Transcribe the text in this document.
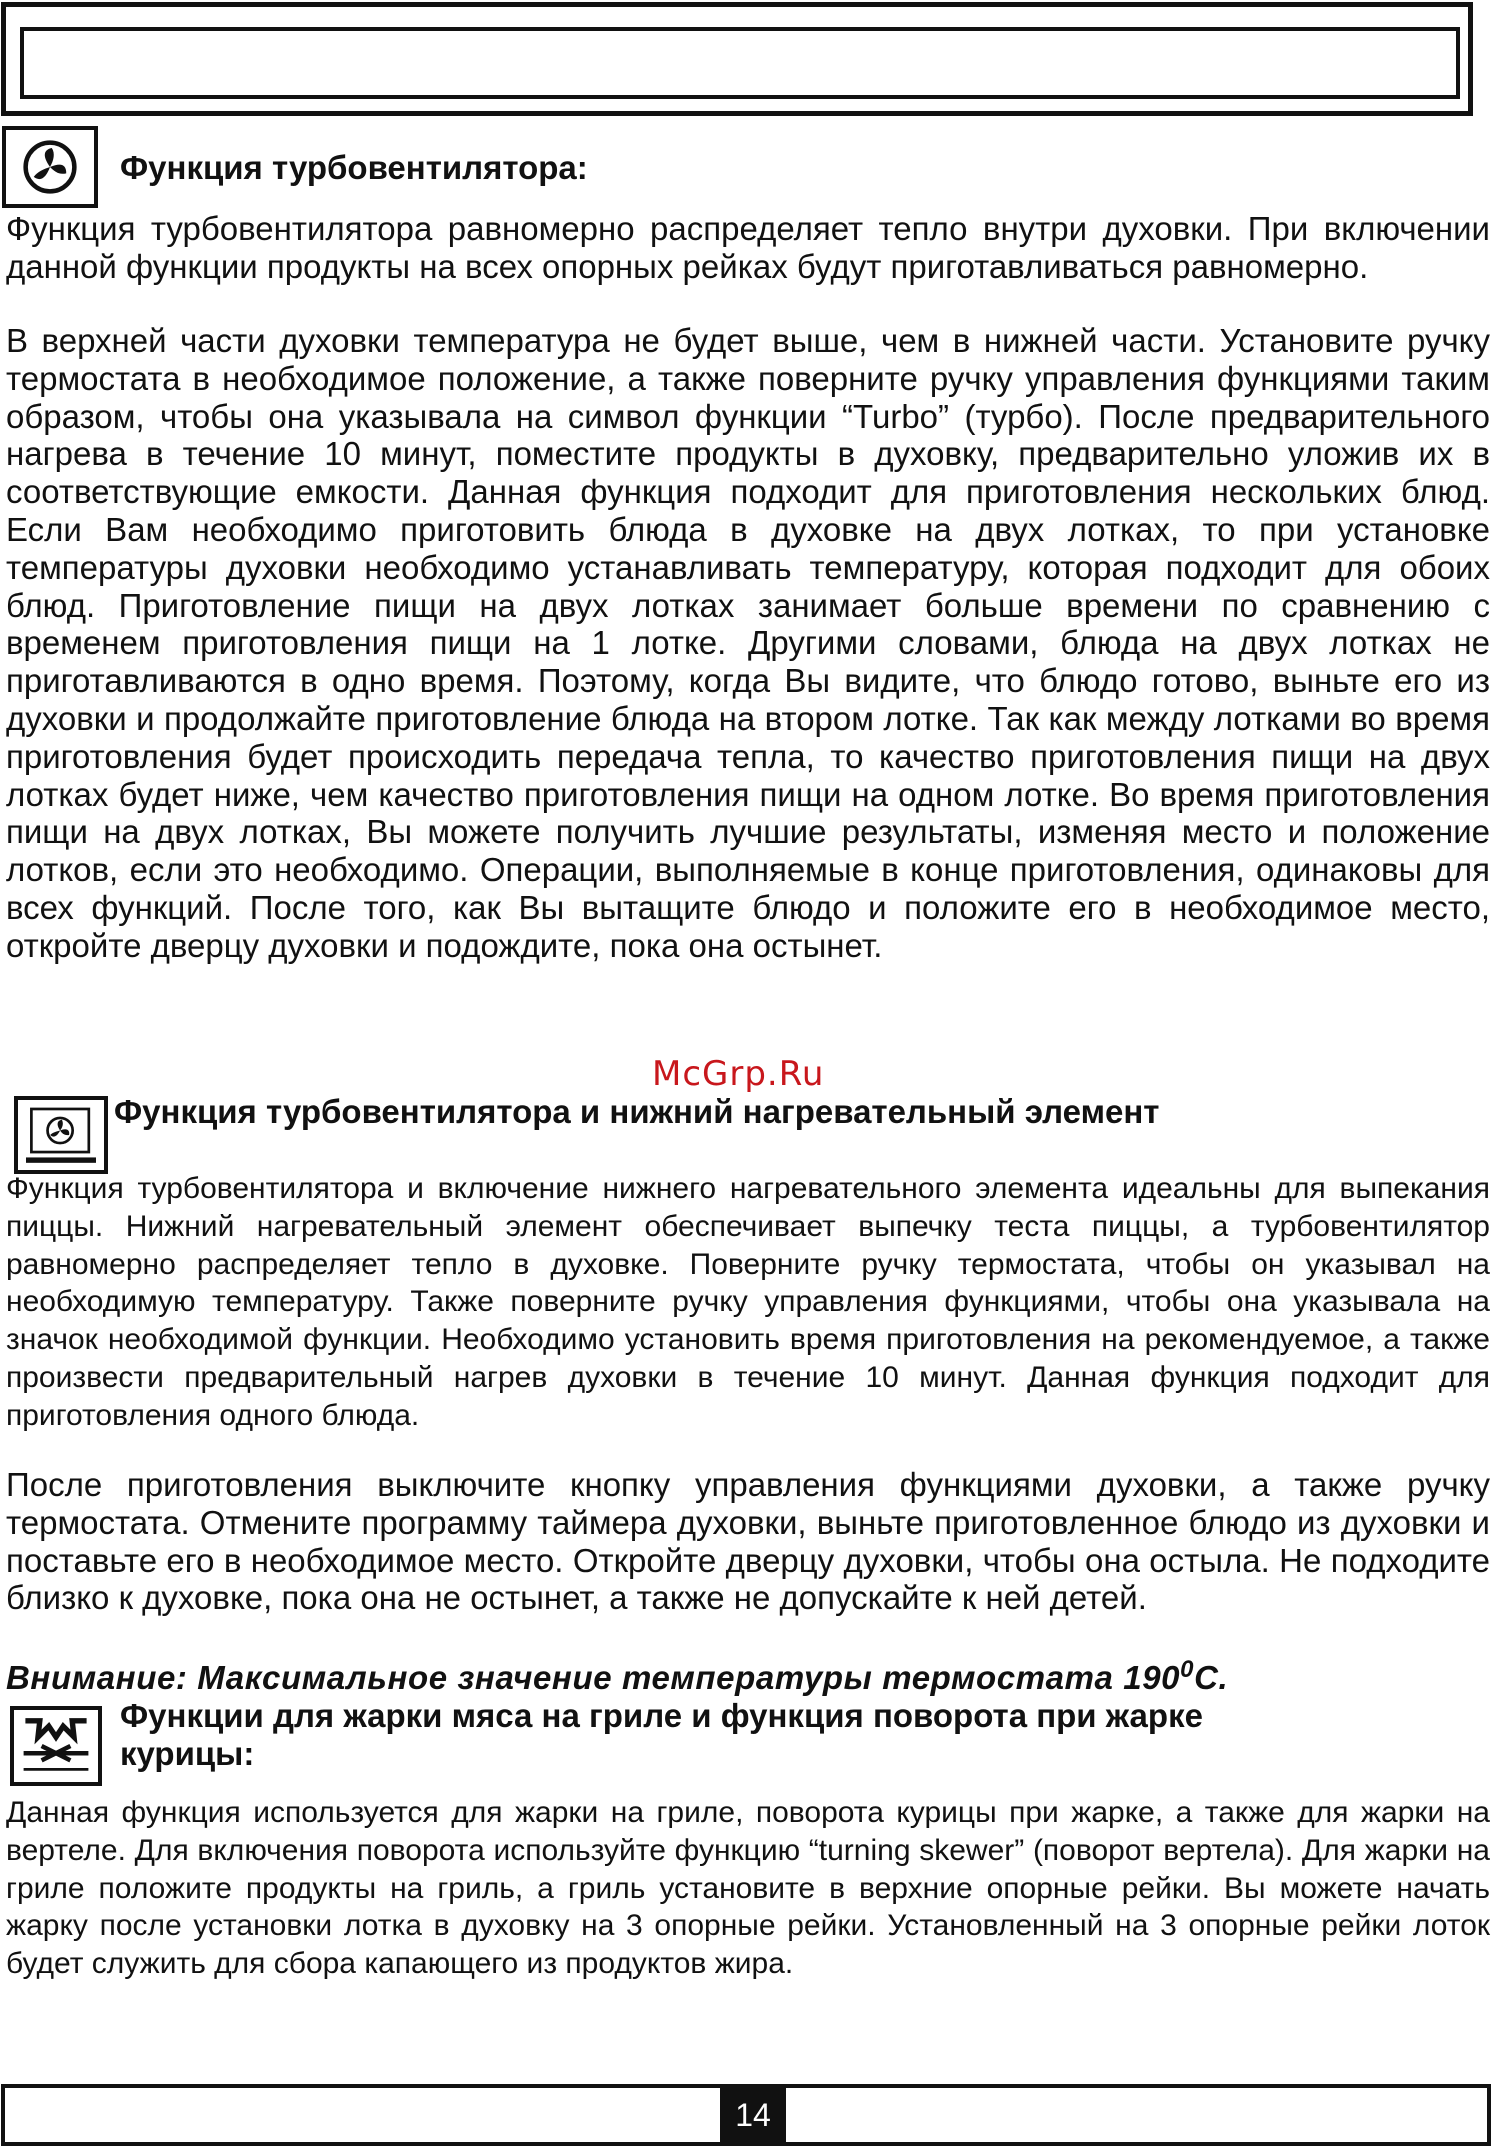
Функция турбовентилятора:

Функция турбовентилятора равномерно распределяет тепло внутри духовки. При включении данной функции продукты на всех опорных рейках будут приготавливаться равномерно.

В верхней части духовки температура не будет выше, чем в нижней части. Установите ручку термостата в необходимое положение, а также поверните ручку управления функциями таким образом, чтобы она указывала на символ функции “Turbo” (турбо). После предварительного нагрева в течение 10 минут, поместите продукты в духовку, предварительно уложив их в соответствующие емкости. Данная функция подходит для приготовления нескольких блюд. Если Вам необходимо приготовить блюда в духовке на двух лотках, то при установке температуры духовки необходимо устанавливать температуру, которая подходит для обоих блюд. Приготовление пищи на двух лотках занимает больше времени по сравнению с временем приготовления пищи на 1 лотке. Другими словами, блюда на двух лотках не приготавливаются в одно время. Поэтому, когда Вы видите, что блюдо готово, выньте его из духовки и продолжайте приготовление блюда на втором лотке. Так как между лотками во время приготовления будет происходить передача тепла, то качество приготовления пищи на двух лотках будет ниже, чем качество приготовления пищи на одном лотке. Во время приготовления пищи на двух лотках, Вы можете получить лучшие результаты, изменяя место и положение лотков, если это необходимо. Операции, выполняемые в конце приготовления, одинаковы для всех функций. После того, как Вы вытащите блюдо и положите его в необходимое место, откройте дверцу духовки и подождите, пока она остынет.

McGrp.Ru
Функция турбовентилятора и нижний нагревательный элемент

Функция турбовентилятора и включение нижнего нагревательного элемента идеальны для выпекания пиццы. Нижний нагревательный элемент обеспечивает выпечку теста пиццы, а турбовентилятор равномерно распределяет тепло в духовке. Поверните ручку термостата, чтобы он указывал на необходимую температуру. Также поверните ручку управления функциями, чтобы она указывала на значок необходимой функции. Необходимо установить время приготовления на рекомендуемое, а также произвести предварительный нагрев духовки в течение 10 минут. Данная функция подходит для приготовления одного блюда.

После приготовления выключите кнопку управления функциями духовки, а также ручку термостата. Отмените программу таймера духовки, выньте приготовленное блюдо из духовки и поставьте его в необходимое место. Откройте дверцу духовки, чтобы она остыла. Не подходите близко к духовке, пока она не остынет, а также не допускайте к ней детей.

Внимание: Максимальное значение температуры термостата $190^0C$.

Функции для жарки мяса на гриле и функция поворота при жарке
курицы:

Данная функция используется для жарки на гриле, поворота курицы при жарке, а также для жарки на вертеле. Для включения поворота используйте функцию “turning skewer” (поворот вертела). Для жарки на гриле положите продукты на гриль, а гриль установите в верхние опорные рейки. Вы можете начать жарку после установки лотка в духовку на 3 опорные рейки. Установленный на 3 опорные рейки лоток будет служить для сбора капающего из продуктов жира.

14
